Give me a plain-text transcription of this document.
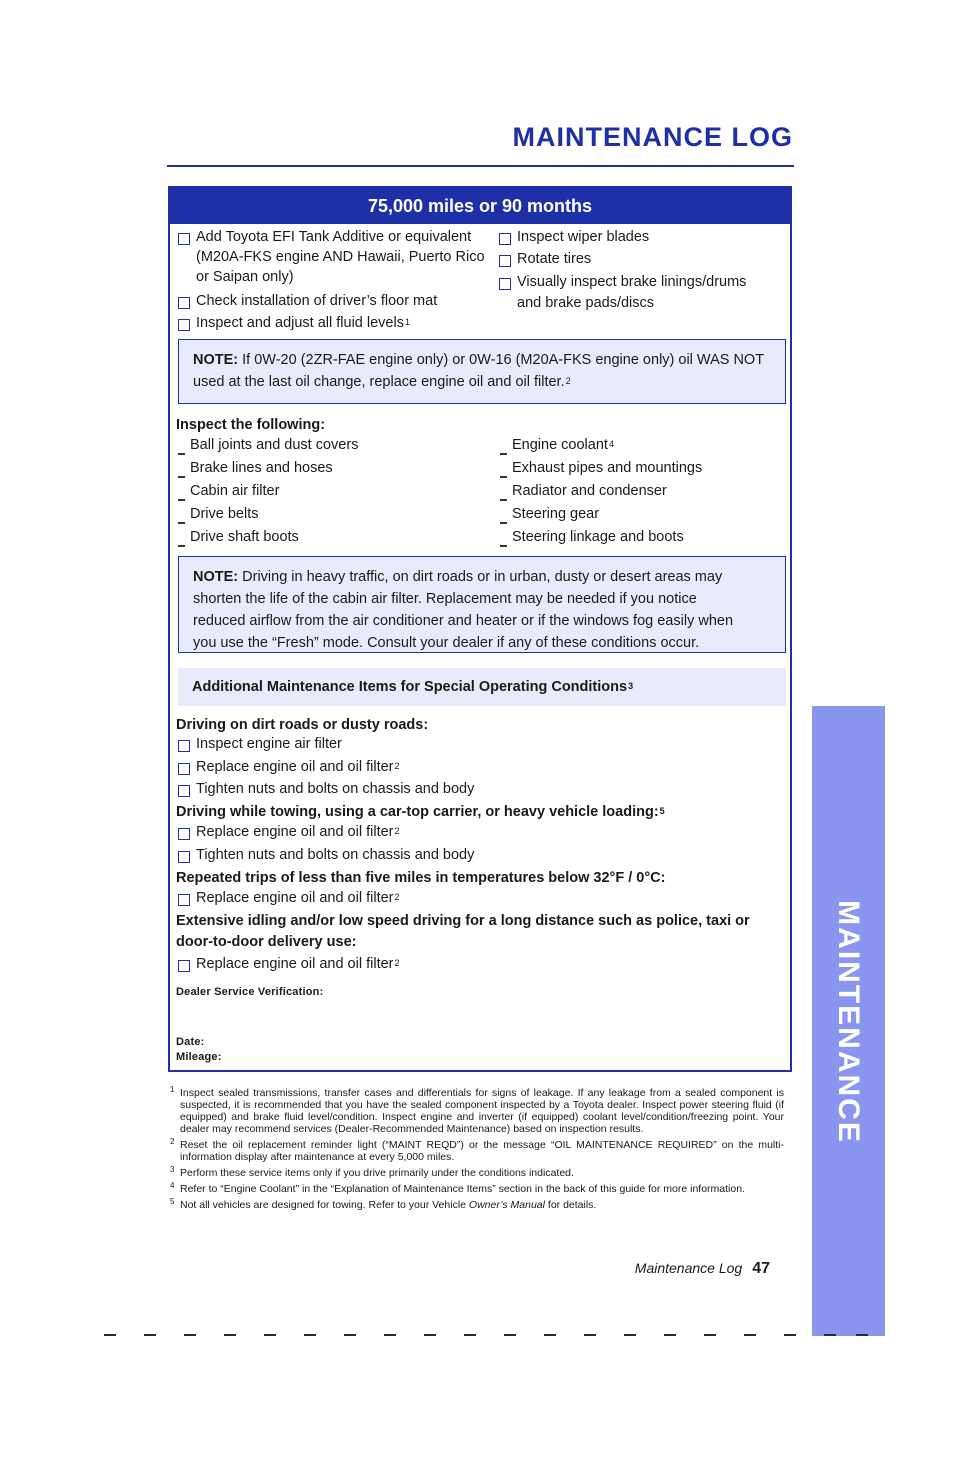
MAINTENANCE LOG
75,000 miles or 90 months
Add Toyota EFI Tank Additive or equivalent
(M20A-FKS engine AND Hawaii, Puerto Rico
or Saipan only)
Check installation of driver’s floor mat
Inspect and adjust all fluid levels$^1$
Inspect wiper blades
Rotate tires
Visually inspect brake linings/drums
and brake pads/discs
NOTE: If 0W-20 (2ZR-FAE engine only) or 0W-16 (M20A-FKS engine only) oil WAS NOT
used at the last oil change, replace engine oil and oil filter.$^2$
Inspect the following:
Ball joints and dust covers
Brake lines and hoses
Cabin air filter
Drive belts
Drive shaft boots
Engine coolant$^4$
Exhaust pipes and mountings
Radiator and condenser
Steering gear
Steering linkage and boots
NOTE: Driving in heavy traffic, on dirt roads or in urban, dusty or desert areas may
shorten the life of the cabin air filter. Replacement may be needed if you notice
reduced airflow from the air conditioner and heater or if the windows fog easily when
you use the “Fresh” mode. Consult your dealer if any of these conditions occur.
Additional Maintenance Items for Special Operating Conditions$^3$
Driving on dirt roads or dusty roads:
Inspect engine air filter
Replace engine oil and oil filter$^2$
Tighten nuts and bolts on chassis and body
Driving while towing, using a car-top carrier, or heavy vehicle loading:$^5$
Replace engine oil and oil filter$^2$
Tighten nuts and bolts on chassis and body
Repeated trips of less than five miles in temperatures below 32°F / 0°C:
Replace engine oil and oil filter$^2$
Extensive idling and/or low speed driving for a long distance such as police, taxi or
door-to-door delivery use:
Replace engine oil and oil filter$^2$
Dealer Service Verification:
Date:
Mileage:
1 Inspect sealed transmissions, transfer cases and differentials for signs of leakage. If any leakage from a sealed component is suspected, it is recommended that you have the sealed component inspected by a Toyota dealer. Inspect power steering fluid (if equipped) and brake fluid level/condition. Inspect engine and inverter (if equipped) coolant level/condition/freezing point. Your dealer may recommend services (Dealer-Recommended Maintenance) based on inspection results.
2 Reset the oil replacement reminder light (“MAINT REQD”) or the message “OIL MAINTENANCE REQUIRED” on the multi-information display after maintenance at every 5,000 miles.
3 Perform these service items only if you drive primarily under the conditions indicated.
4 Refer to “Engine Coolant” in the “Explanation of Maintenance Items” section in the back of this guide for more information.
5 Not all vehicles are designed for towing. Refer to your Vehicle Owner’s Manual for details.
Maintenance Log 47
MAINTENANCE
